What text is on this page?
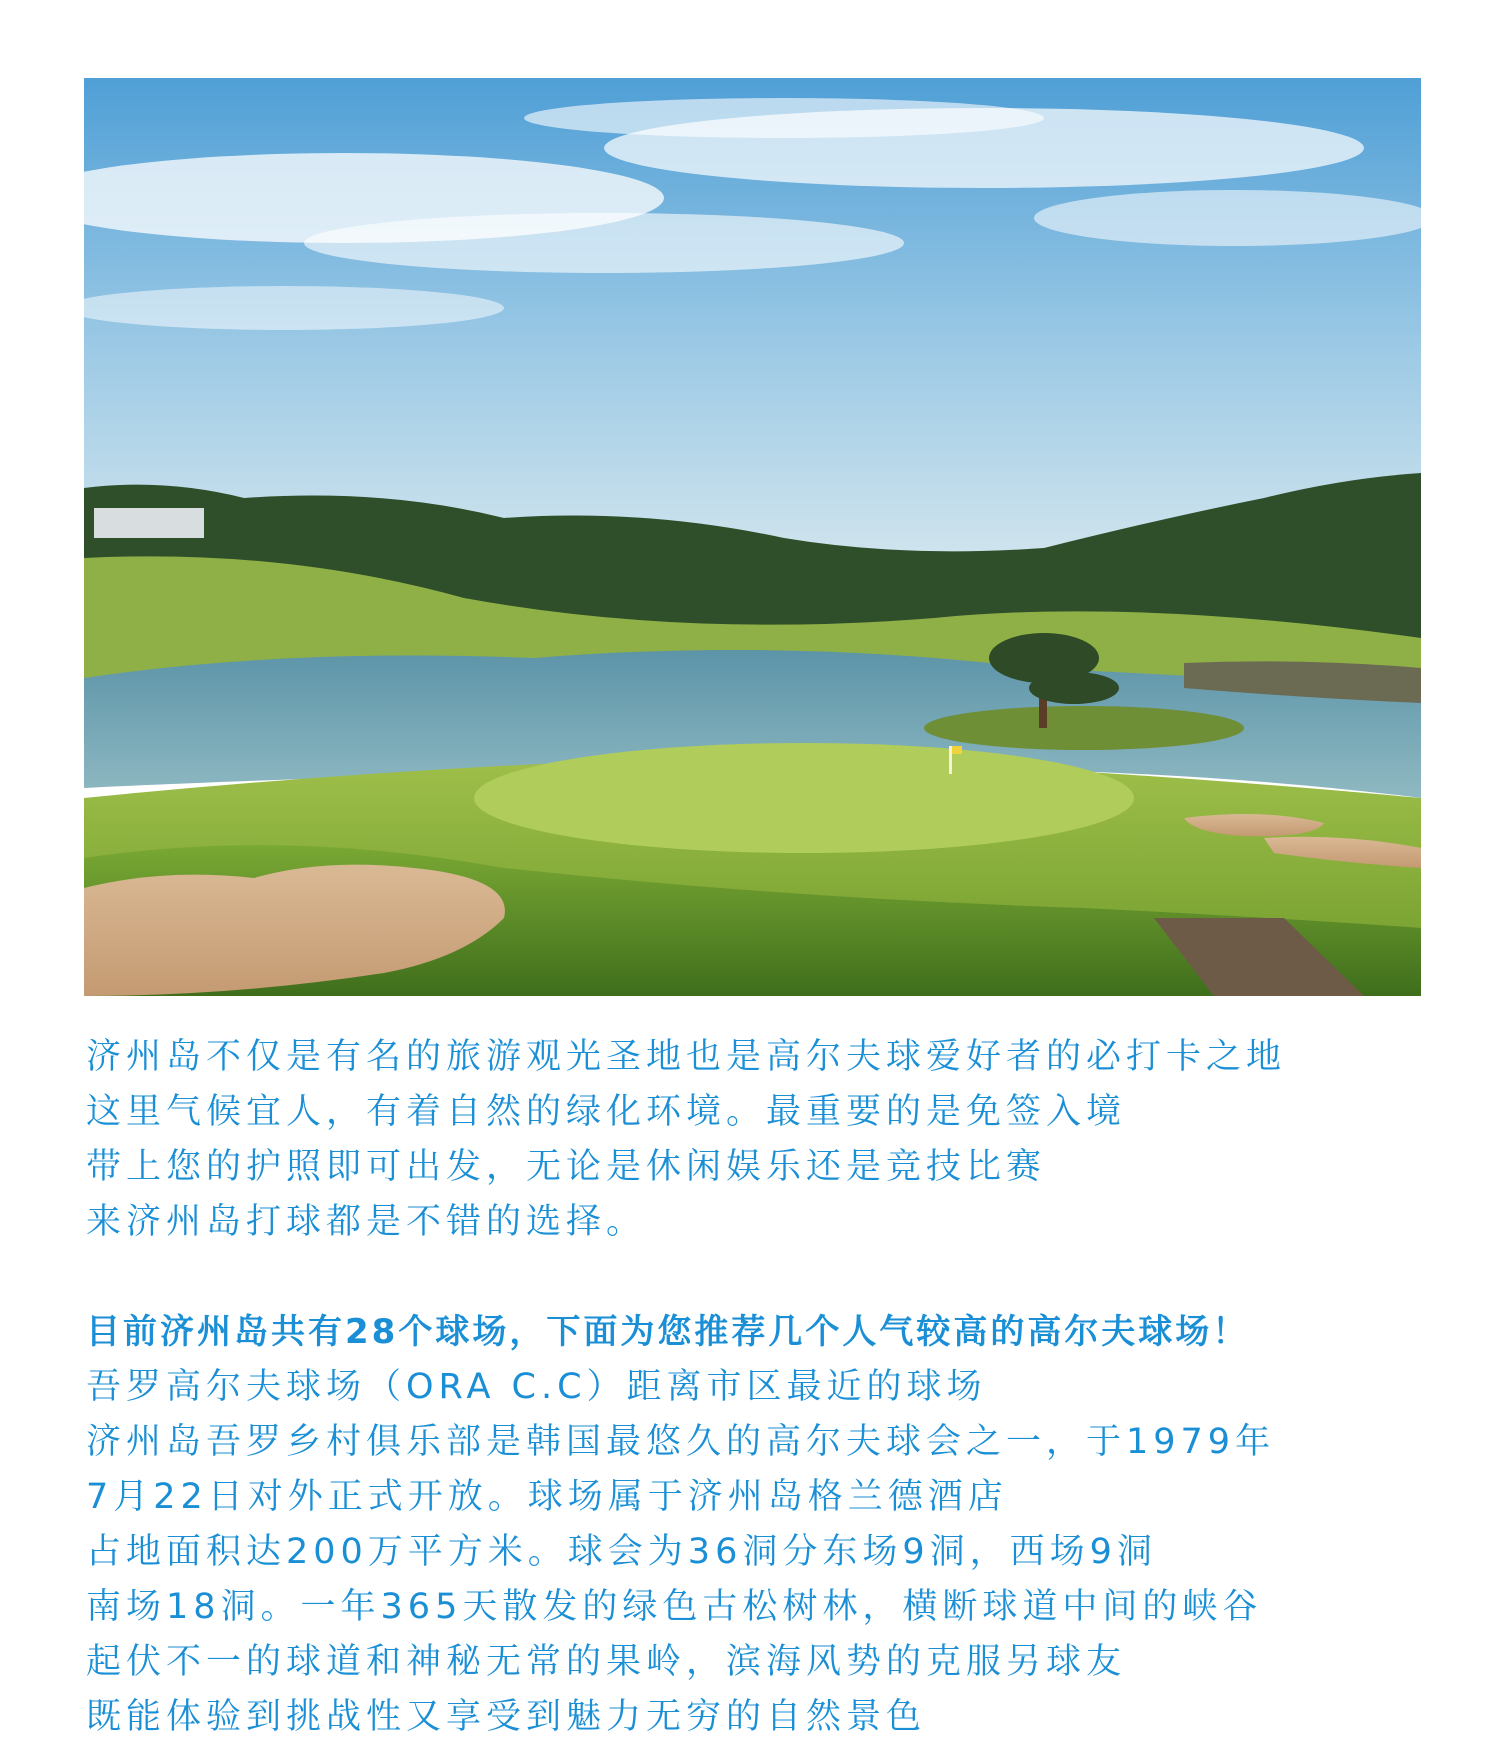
济州岛不仅是有名的旅游观光圣地也是高尔夫球爱好者的必打卡之地

这里气候宜人，有着自然的绿化环境。最重要的是免签入境

带上您的护照即可出发，无论是休闲娱乐还是竞技比赛

来济州岛打球都是不错的选择。

目前济州岛共有28个球场，下面为您推荐几个人气较高的高尔夫球场！

吾罗高尔夫球场（ORA C.C）距离市区最近的球场

济州岛吾罗乡村俱乐部是韩国最悠久的高尔夫球会之一，于1979年

7月22日对外正式开放。球场属于济州岛格兰德酒店

占地面积达200万平方米。球会为36洞分东场9洞，西场9洞

南场18洞。一年365天散发的绿色古松树林，横断球道中间的峡谷

起伏不一的球道和神秘无常的果岭，滨海风势的克服另球友

既能体验到挑战性又享受到魅力无穷的自然景色
